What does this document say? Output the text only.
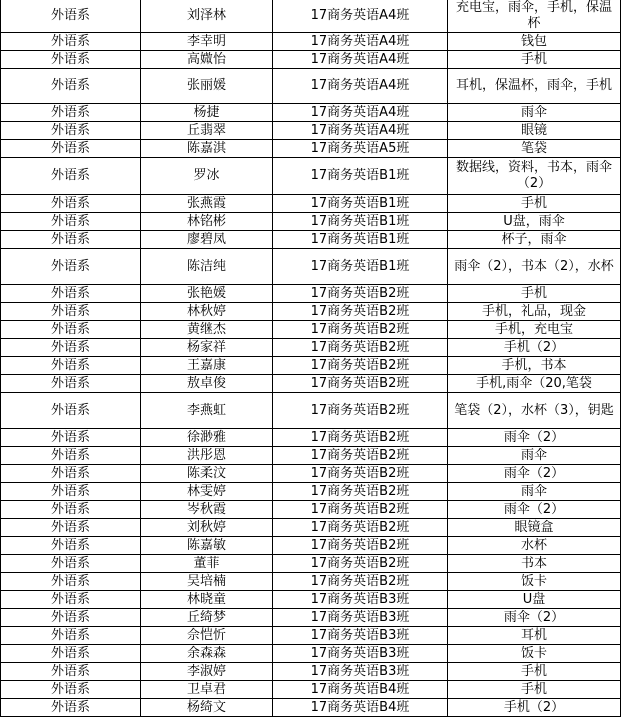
外语系	刘泽林	17商务英语A4班	充电宝，雨伞，手机，保温杯
外语系	李幸明	17商务英语A4班	钱包
外语系	高媺怡	17商务英语A4班	手机
外语系	张丽媛	17商务英语A4班	耳机，保温杯，雨伞，手机
外语系	杨捷	17商务英语A4班	雨伞
外语系	丘翡翠	17商务英语A4班	眼镜
外语系	陈嘉淇	17商务英语A5班	笔袋
外语系	罗冰	17商务英语B1班	数据线，资料，书本，雨伞（2）
外语系	张燕霞	17商务英语B1班	手机
外语系	林铭彬	17商务英语B1班	U盘，雨伞
外语系	廖碧凤	17商务英语B1班	杯子，雨伞
外语系	陈洁纯	17商务英语B1班	雨伞（2），书本（2），水杯
外语系	张艳媛	17商务英语B2班	手机
外语系	林秋婷	17商务英语B2班	手机，礼品，现金
外语系	黄继杰	17商务英语B2班	手机，充电宝
外语系	杨家祥	17商务英语B2班	手机（2）
外语系	王嘉康	17商务英语B2班	手机，书本
外语系	敖卓俊	17商务英语B2班	手机,雨伞（20,笔袋
外语系	李燕虹	17商务英语B2班	笔袋（2），水杯（3），钥匙
外语系	徐渺雅	17商务英语B2班	雨伞（2）
外语系	洪彤恩	17商务英语B2班	雨伞
外语系	陈柔汶	17商务英语B2班	雨伞（2）
外语系	林雯婷	17商务英语B2班	雨伞
外语系	岑秋霞	17商务英语B2班	雨伞（2）
外语系	刘秋婷	17商务英语B2班	眼镜盒
外语系	陈嘉敏	17商务英语B2班	水杯
外语系	董菲	17商务英语B2班	书本
外语系	吴培楠	17商务英语B2班	饭卡
外语系	林晓童	17商务英语B3班	U盘
外语系	丘绮梦	17商务英语B3班	雨伞（2）
外语系	佘恺忻	17商务英语B3班	耳机
外语系	余森森	17商务英语B3班	饭卡
外语系	李淑婷	17商务英语B3班	手机
外语系	卫卓君	17商务英语B4班	手机
外语系	杨绮文	17商务英语B4班	手机（2）
